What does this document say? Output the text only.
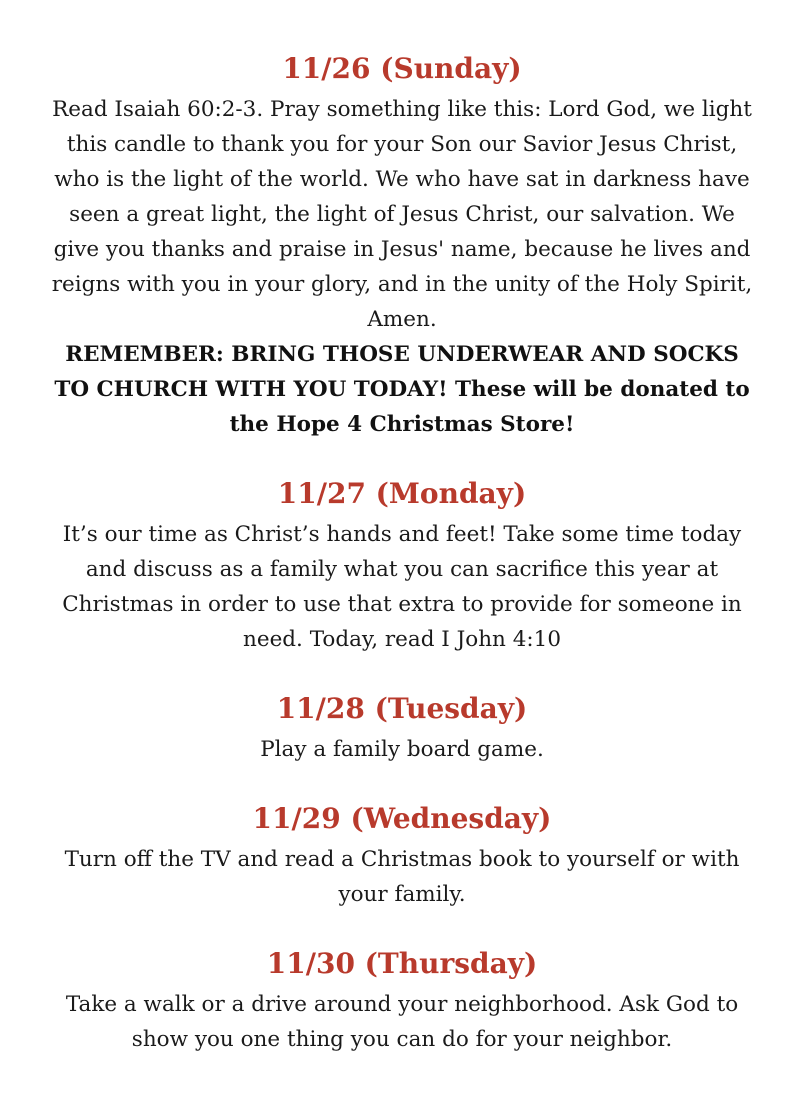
11/26 (Sunday)

Read Isaiah 60:2-3. Pray something like this: Lord God, we light this candle to thank you for your Son our Savior Jesus Christ, who is the light of the world. We who have sat in darkness have seen a great light, the light of Jesus Christ, our salvation. We give you thanks and praise in Jesus' name, because he lives and reigns with you in your glory, and in the unity of the Holy Spirit, Amen.

REMEMBER: BRING THOSE UNDERWEAR AND SOCKS TO CHURCH WITH YOU TODAY! These will be donated to the Hope 4 Christmas Store!

11/27 (Monday)

It’s our time as Christ’s hands and feet! Take some time today and discuss as a family what you can sacrifice this year at Christmas in order to use that extra to provide for someone in need. Today, read I John 4:10

11/28 (Tuesday)

Play a family board game.

11/29 (Wednesday)

Turn off the TV and read a Christmas book to yourself or with your family.

11/30 (Thursday)

Take a walk or a drive around your neighborhood. Ask God to show you one thing you can do for your neighbor.
